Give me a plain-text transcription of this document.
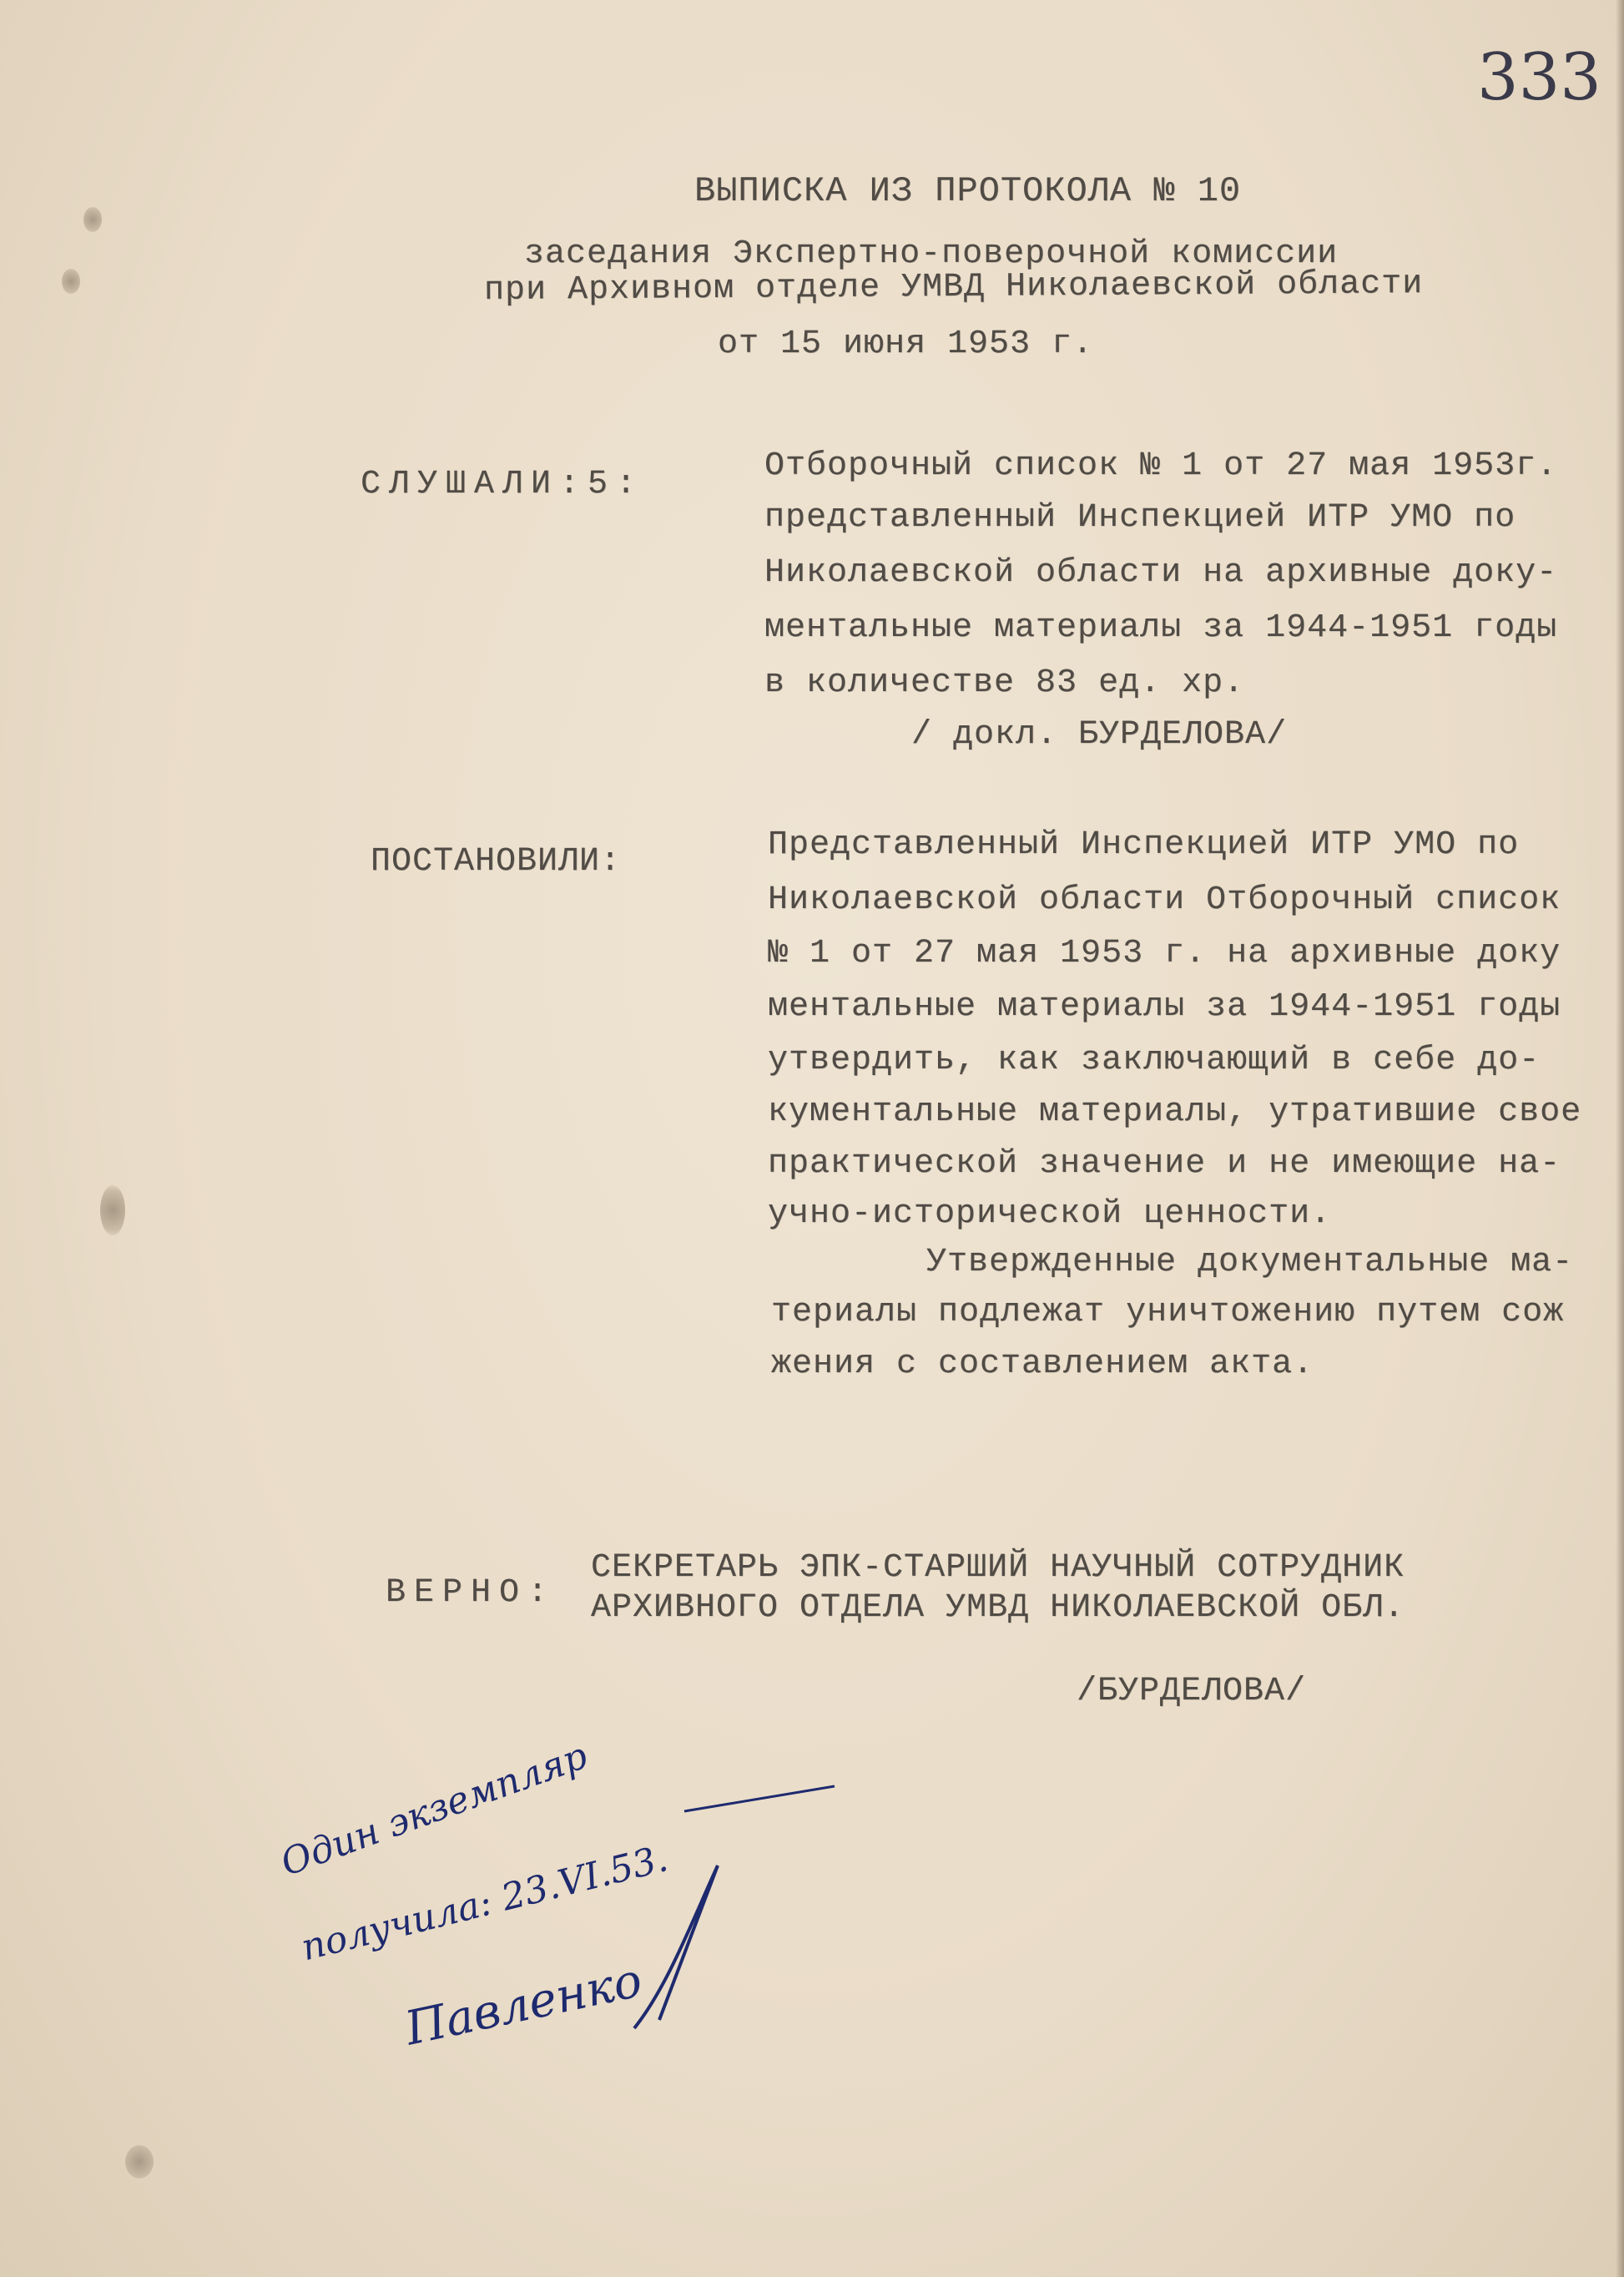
333
ВЫПИСКА ИЗ ПРОТОКОЛА № 10
заседания Экспертно-поверочной комиссии
при Архивном отделе УМВД Николаевской области
от 15 июня 1953 г.
СЛУШАЛИ:5:	Отборочный список № 1 от 27 мая 1953г.
представленный Инспекцией ИТР УМО по
Николаевской области на архивные доку-
ментальные материалы за 1944-1951 годы
в количестве 83 ед. хр.
/ докл. БУРДЕЛОВА/
ПОСТАНОВИЛИ:	Представленный Инспекцией ИТР УМО по
Николаевской области Отборочный список
№ 1 от 27 мая 1953 г. на архивные доку
ментальные материалы за 1944-1951 годы
утвердить, как заключающий в себе до-
кументальные материалы, утратившие свое
практической значение и не имеющие на-
учно-исторической ценности.
Утвержденные документальные ма-
териалы подлежат уничтожению путем сож
жения с составлением акта.
ВЕРНО:
СЕКРЕТАРЬ ЭПК-СТАРШИЙ НАУЧНЫЙ СОТРУДНИК
АРХИВНОГО ОТДЕЛА УМВД НИКОЛАЕВСКОЙ ОБЛ.
/БУРДЕЛОВА/
Один экземпляр
получила: 23.VI.53.
Павленко
